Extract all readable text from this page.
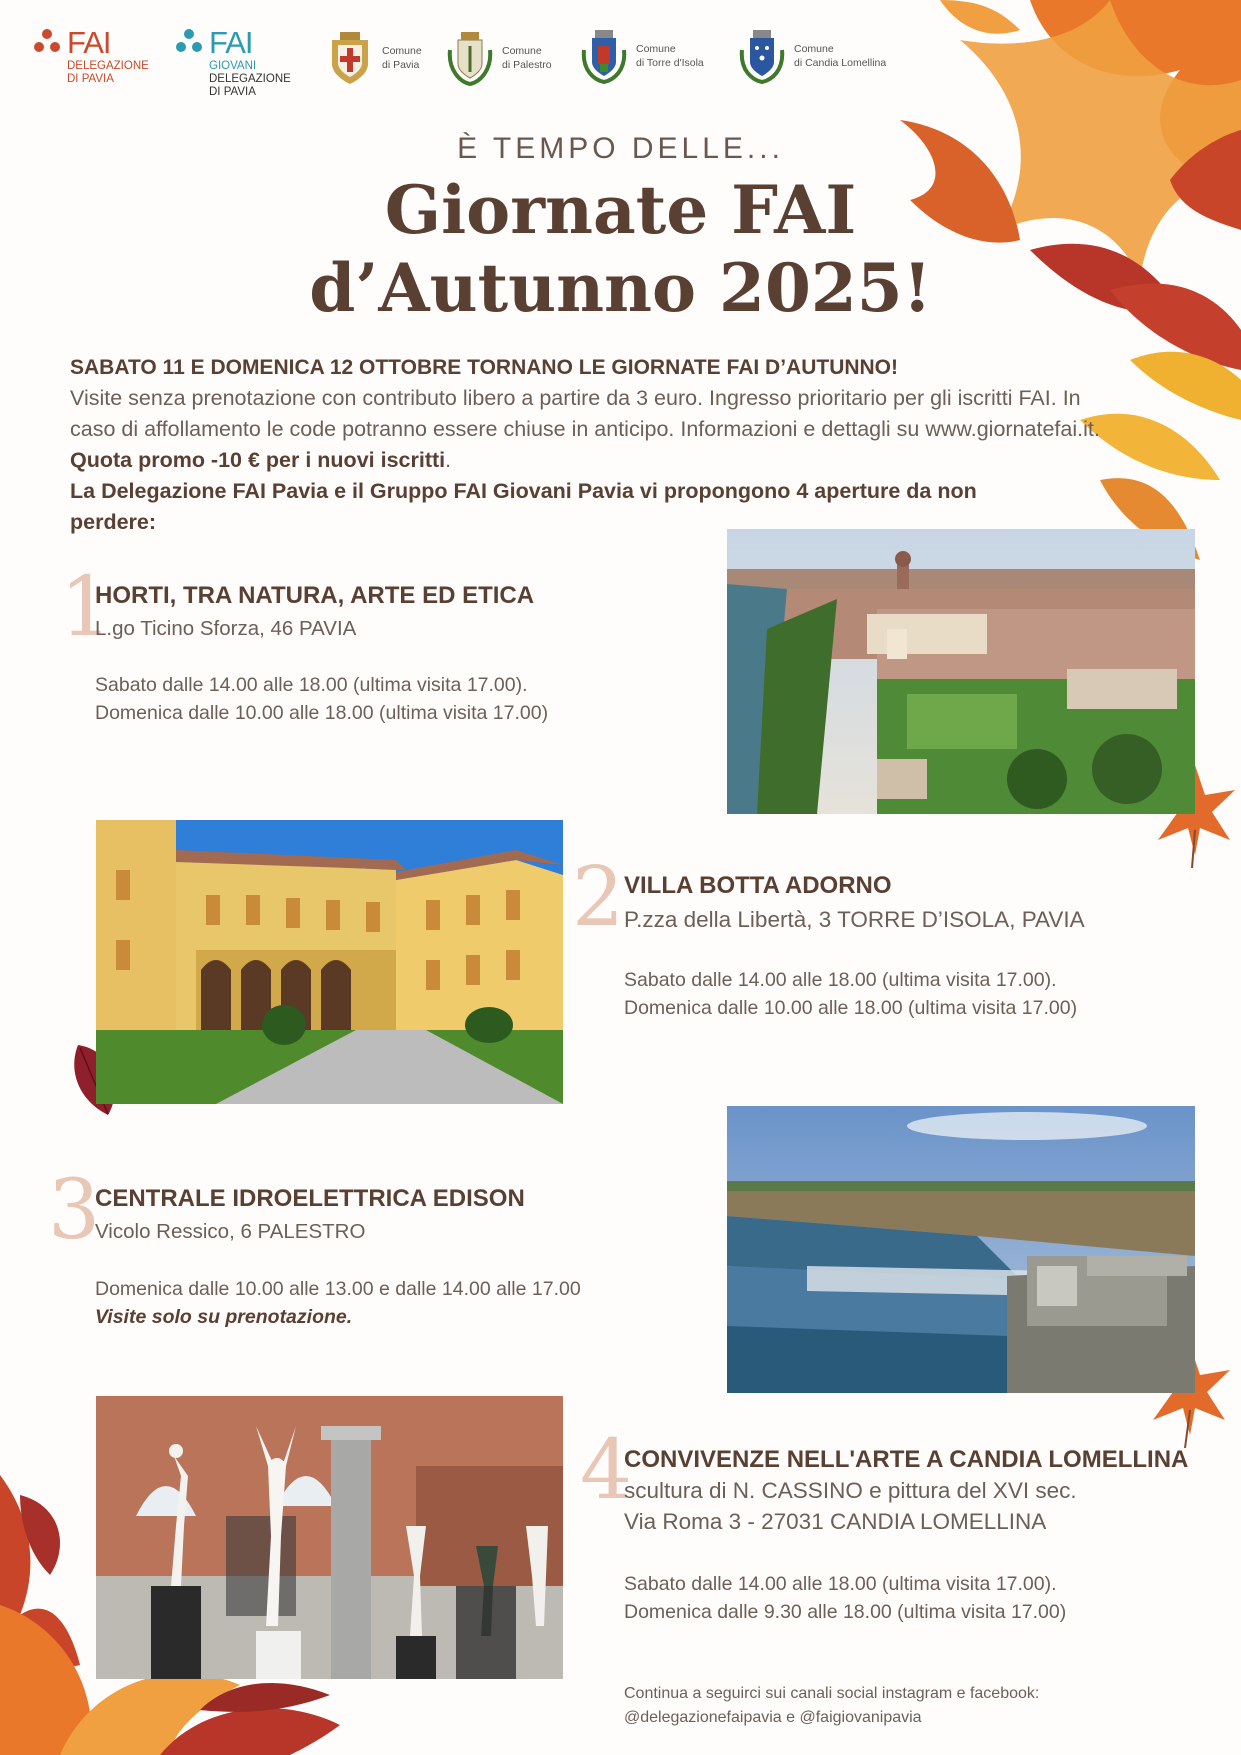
FAI
DELEGAZIONE
DI PAVIA
FAI
GIOVANI
DELEGAZIONE
DI PAVIA
Comune
di Pavia
Comune
di Palestro
Comune
di Torre d'Isola
Comune
di Candia Lomellina
È TEMPO DELLE...
Giornate FAI
d’Autunno 2025!
SABATO 11 E DOMENICA 12 OTTOBRE TORNANO LE GIORNATE FAI D’AUTUNNO!
Visite senza prenotazione con contributo libero a partire da 3 euro. Ingresso prioritario per gli iscritti FAI. In caso di affollamento le code potranno essere chiuse in anticipo. Informazioni e dettagli su www.giornatefai.it. Quota promo -10 € per i nuovi iscritti.
La Delegazione FAI Pavia e il Gruppo FAI Giovani Pavia vi propongono 4 aperture da non perdere:
1
HORTI, TRA NATURA, ARTE ED ETICA
L.go Ticino Sforza, 46 PAVIA
Sabato dalle 14.00 alle 18.00 (ultima visita 17.00).
Domenica dalle 10.00 alle 18.00 (ultima visita 17.00)
2 VILLA BOTTA ADORNO
P.zza della Libertà, 3 TORRE D’ISOLA, PAVIA
Sabato dalle 14.00 alle 18.00 (ultima visita 17.00).
Domenica dalle 10.00 alle 18.00 (ultima visita 17.00)
3
CENTRALE IDROELETTRICA EDISON
Vicolo Ressico, 6 PALESTRO
Domenica dalle 10.00 alle 13.00 e dalle 14.00 alle 17.00
Visite solo su prenotazione.
4
CONVIVENZE NELL'ARTE A CANDIA LOMELLINA
scultura di N. CASSINO e pittura del XVI sec.
Via Roma 3 - 27031 CANDIA LOMELLINA
Sabato dalle 14.00 alle 18.00 (ultima visita 17.00).
Domenica dalle 9.30 alle 18.00 (ultima visita 17.00)
Continua a seguirci sui canali social instagram e facebook:
@delegazionefaipavia e @faigiovanipavia
